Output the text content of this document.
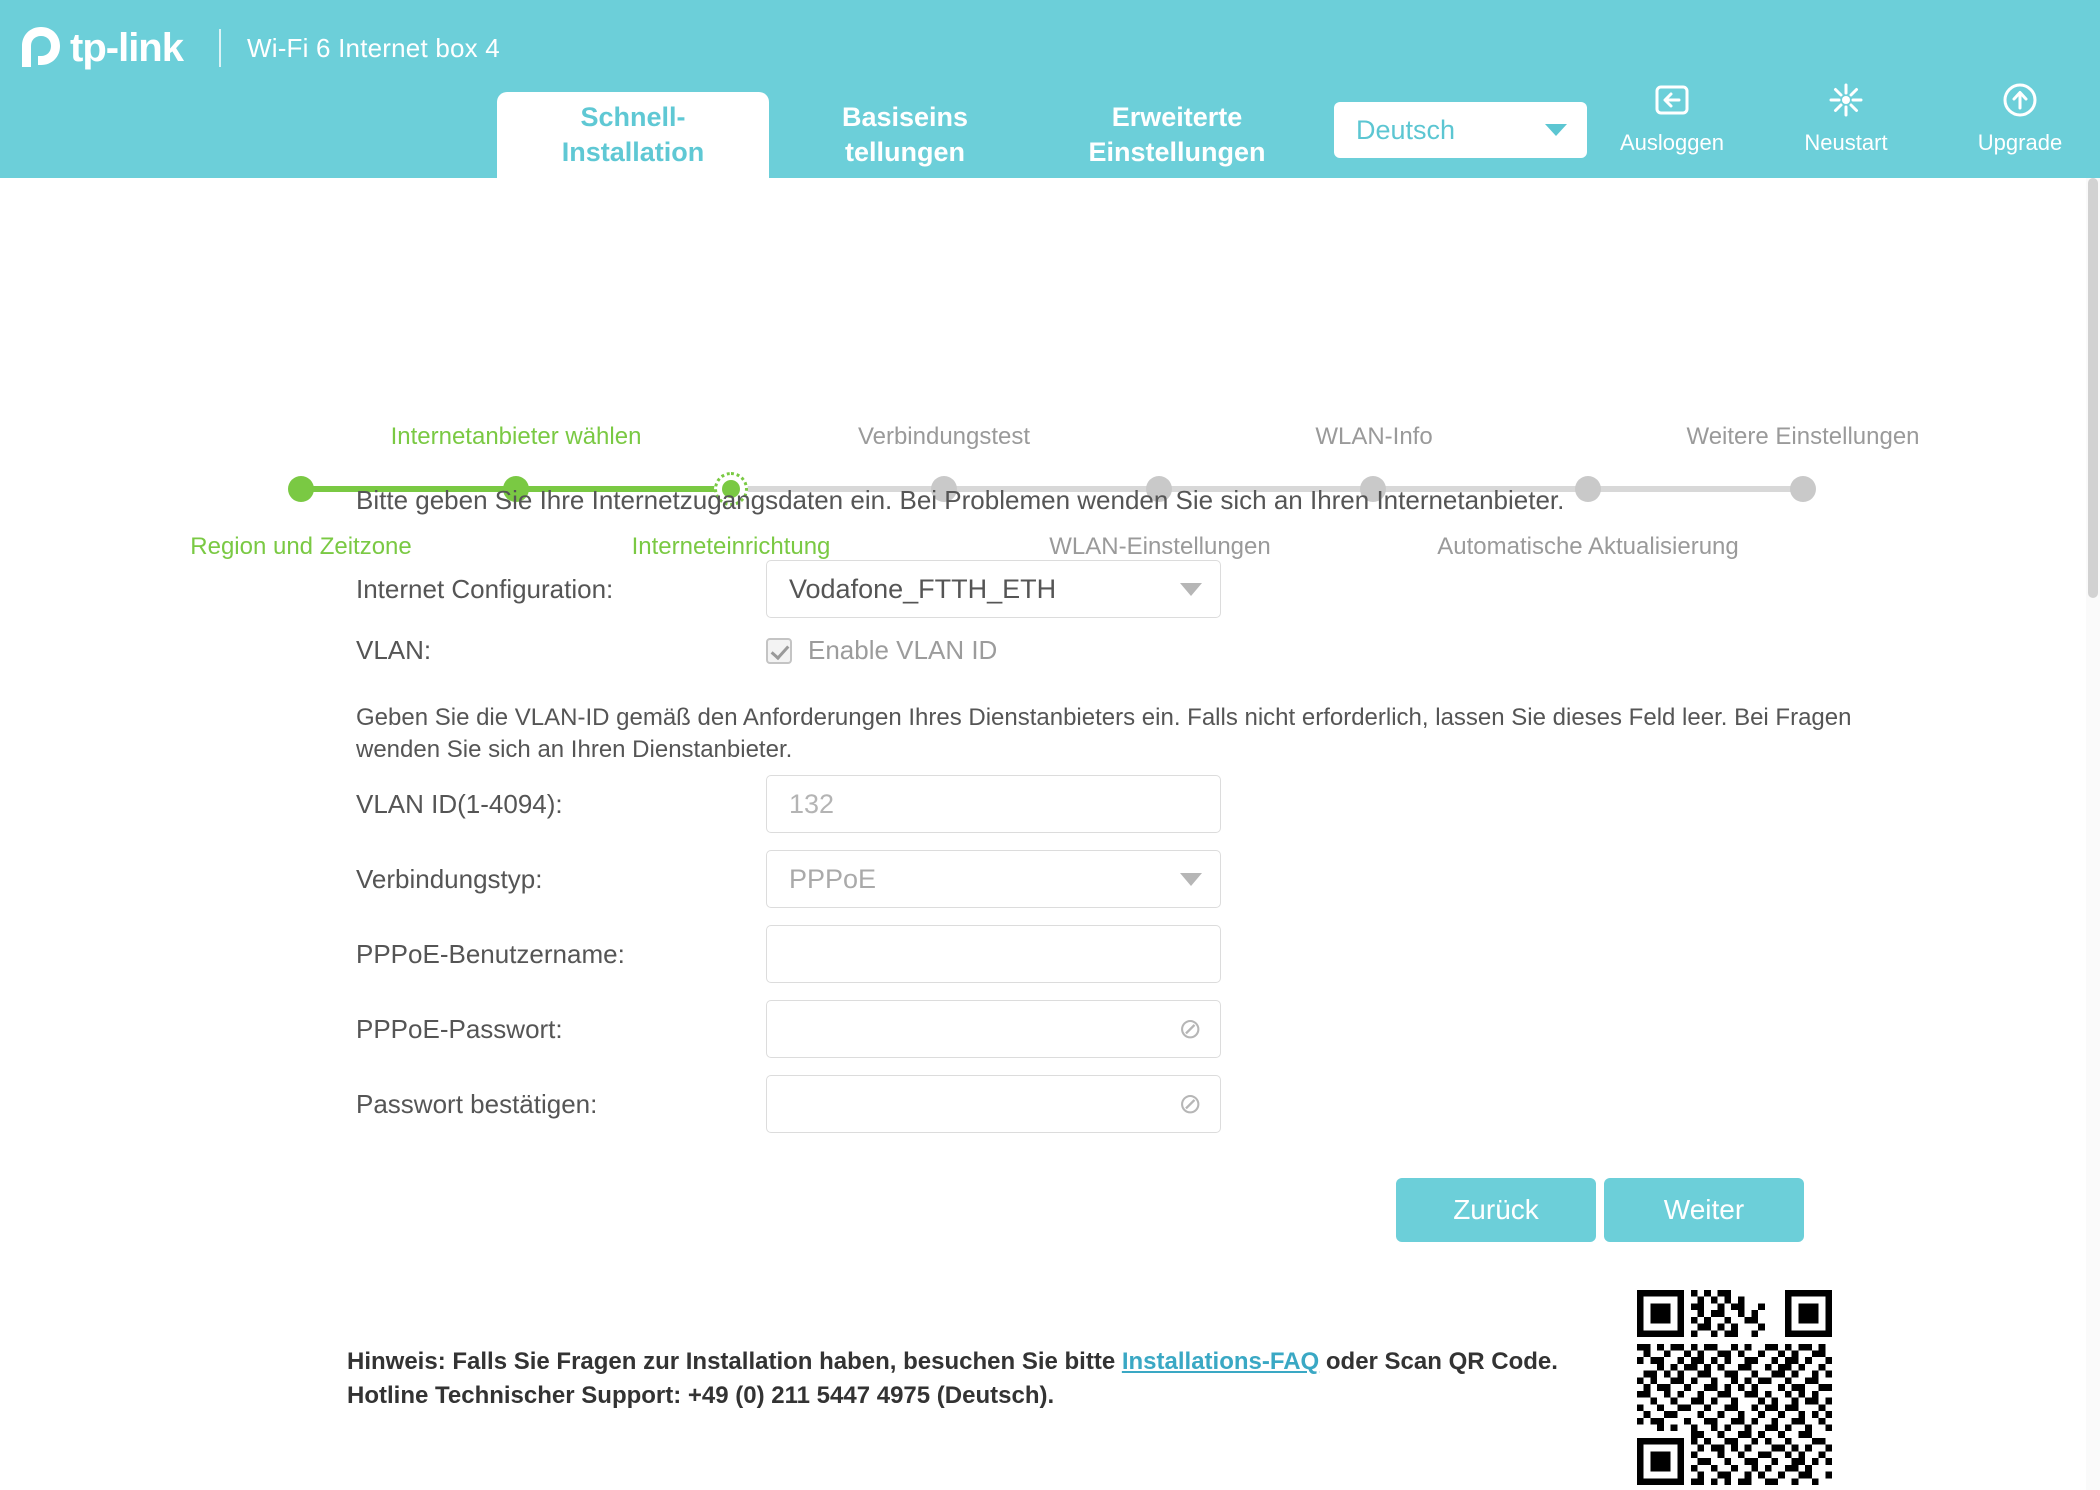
tp-link Wi-Fi 6 Internet box 4
Schnell-
Installation
Basiseins
tellungen
Erweiterte
Einstellungen
Deutsch	Ausloggen	Neustart	Upgrade
Internetanbieter wählen	Verbindungstest	WLAN-Info	Weitere Einstellungen
Region und Zeitzone	Interneteinrichtung	WLAN-Einstellungen	Automatische Aktualisierung
Bitte geben Sie Ihre Internetzugangsdaten ein. Bei Problemen wenden Sie sich an Ihren Internetanbieter.
Internet Configuration:	Vodafone_FTTH_ETH
VLAN:	Enable VLAN ID
Geben Sie die VLAN-ID gemäß den Anforderungen Ihres Dienstanbieters ein. Falls nicht erforderlich, lassen Sie dieses Feld leer. Bei Fragen wenden Sie sich an Ihren Dienstanbieter.
VLAN ID(1-4094):	132
Verbindungstyp:	PPPoE
PPPoE-Benutzername:
PPPoE-Passwort:	⊘
Passwort bestätigen:	⊘
Zurück	Weiter
Hinweis: Falls Sie Fragen zur Installation haben, besuchen Sie bitte Installations-FAQ oder Scan QR Code.
Hotline Technischer Support: +49 (0) 211 5447 4975 (Deutsch).
